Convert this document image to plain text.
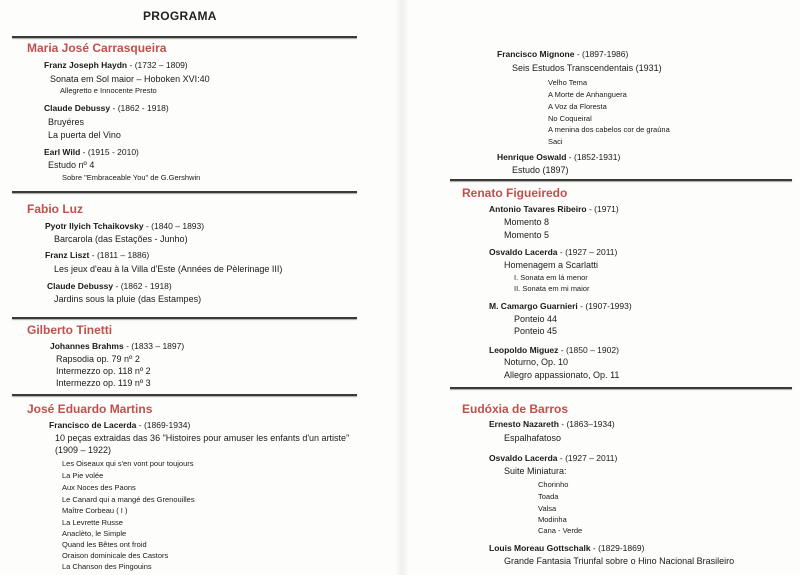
PROGRAMA
Maria José Carrasqueira
Franz Joseph Haydn - (1732 – 1809)
Sonata em Sol maior – Hoboken XVI:40
Allegretto e Innocente Presto
Claude Debussy - (1862 - 1918)
Bruyéres
La puerta del Vino
Earl Wild - (1915 - 2010)
Estudo nº 4
Sobre "Embraceable You" de G.Gershwin
Fabio Luz
Pyotr Ilyich Tchaikovsky - (1840 – 1893)
Barcarola (das Estações - Junho)
Franz Liszt - (1811 – 1886)
Les jeux d'eau à la Villa d'Este (Années de Pèlerinage III)
Claude Debussy - (1862 - 1918)
Jardins sous la pluie (das Estampes)
Gilberto Tinetti
Johannes Brahms - (1833 – 1897)
Rapsodia op. 79 nº 2
Intermezzo op. 118 nº 2
Intermezzo op. 119 nº 3
José Eduardo Martins
Francisco de Lacerda - (1869-1934)
10 peças extraidas das 36 "Histoires pour amuser les enfants d'un artiste"
(1909 – 1922)
Les Oiseaux qui s'en vont pour toujours
La Pie volée
Aux Noces des Paons
Le Canard qui a mangé des Grenouilles
Maître Corbeau ( I )
La Levrette Russe
Anaclèto, le Simple
Quand les Bêtes ont froid
Oraison dominicale des Castors
La Chanson des Pingouins
Francisco Mignone - (1897-1986)
Seis Estudos Transcendentais (1931)
Velho Tema
A Morte de Anhanguera
A Voz da Floresta
No Coqueiral
A menina dos cabelos cor de graúna
Saci
Henrique Oswald - (1852-1931)
Estudo (1897)
Renato Figueiredo
Antonio Tavares Ribeiro - (1971)
Momento 8
Momento 5
Osvaldo Lacerda - (1927 – 2011)
Homenagem a Scarlatti
I. Sonata em lá menor
II. Sonata em mi maior
M. Camargo Guarnieri - (1907-1993)
Ponteio 44
Ponteio 45
Leopoldo Miguez - (1850 – 1902)
Noturno, Op. 10
Allegro appassionato, Op. 11
Eudóxia de Barros
Ernesto Nazareth - (1863–1934)
Espalhafatoso
Osvaldo Lacerda - (1927 – 2011)
Suite Miniatura:
Chorinho
Toada
Valsa
Modinha
Cana - Verde
Louis Moreau Gottschalk - (1829-1869)
Grande Fantasia Triunfal sobre o Hino Nacional Brasileiro
